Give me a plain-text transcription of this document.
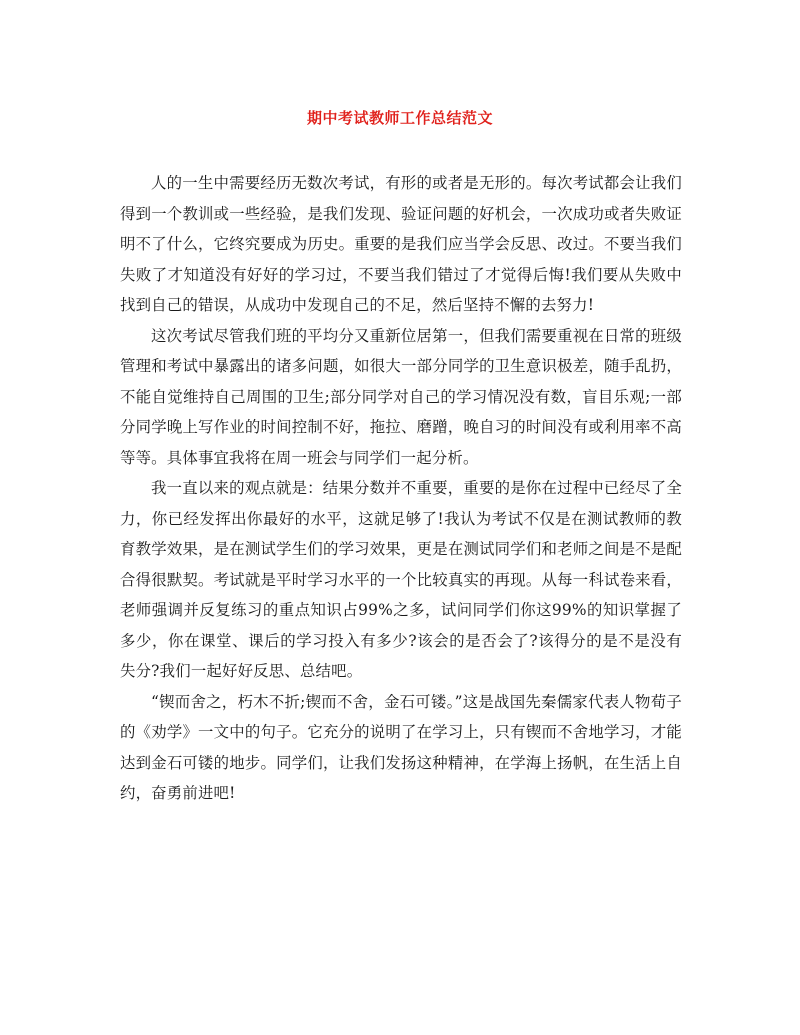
期中考试教师工作总结范文

人的一生中需要经历无数次考试，有形的或者是无形的。每次考试都会让我们得到一个教训或一些经验，是我们发现、验证问题的好机会，一次成功或者失败证明不了什么，它终究要成为历史。重要的是我们应当学会反思、改过。不要当我们失败了才知道没有好好的学习过，不要当我们错过了才觉得后悔!我们要从失败中找到自己的错误，从成功中发现自己的不足，然后坚持不懈的去努力!

这次考试尽管我们班的平均分又重新位居第一，但我们需要重视在日常的班级管理和考试中暴露出的诸多问题，如很大一部分同学的卫生意识极差，随手乱扔，不能自觉维持自己周围的卫生;部分同学对自己的学习情况没有数，盲目乐观;一部分同学晚上写作业的时间控制不好，拖拉、磨蹭，晚自习的时间没有或利用率不高等等。具体事宜我将在周一班会与同学们一起分析。

我一直以来的观点就是：结果分数并不重要，重要的是你在过程中已经尽了全力，你已经发挥出你最好的水平，这就足够了!我认为考试不仅是在测试教师的教育教学效果，是在测试学生们的学习效果，更是在测试同学们和老师之间是不是配合得很默契。考试就是平时学习水平的一个比较真实的再现。从每一科试卷来看，老师强调并反复练习的重点知识占99%之多，试问同学们你这99%的知识掌握了多少，你在课堂、课后的学习投入有多少?该会的是否会了?该得分的是不是没有失分?我们一起好好反思、总结吧。

“锲而舍之，朽木不折;锲而不舍，金石可镂。”这是战国先秦儒家代表人物荀子的《劝学》一文中的句子。它充分的说明了在学习上，只有锲而不舍地学习，才能达到金石可镂的地步。同学们，让我们发扬这种精神，在学海上扬帆，在生活上自约，奋勇前进吧!
